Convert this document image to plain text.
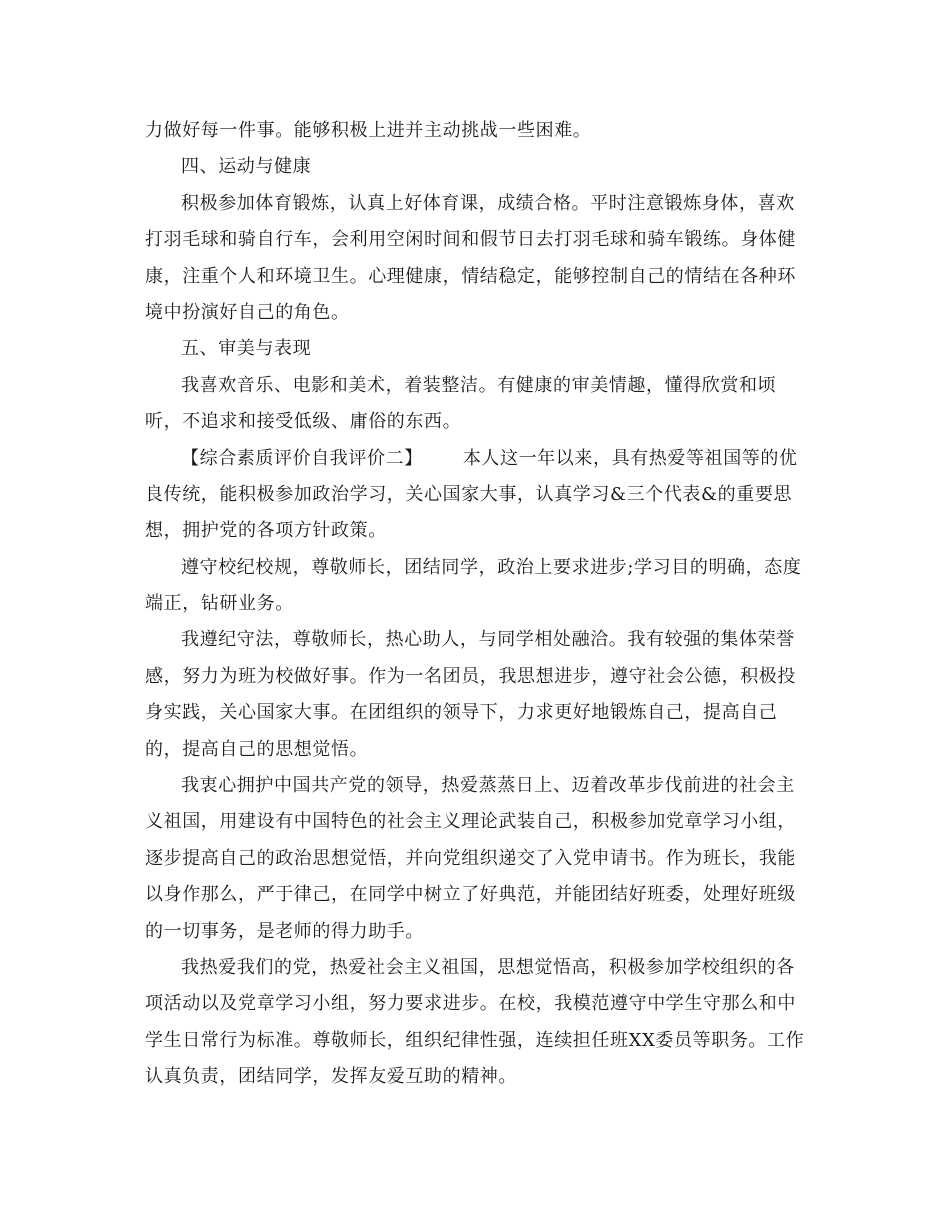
力做好每一件事。能够积极上进并主动挑战一些困难。
四、运动与健康
积极参加体育锻炼，认真上好体育课，成绩合格。平时注意锻炼身体，喜欢
打羽毛球和骑自行车，会利用空闲时间和假节日去打羽毛球和骑车锻练。身体健
康，注重个人和环境卫生。心理健康，情结稳定，能够控制自己的情结在各种环
境中扮演好自己的角色。
五、审美与表现
我喜欢音乐、电影和美术，着装整洁。有健康的审美情趣，懂得欣赏和顷
听，不追求和接受低级、庸俗的东西。
【综合素质评价自我评价二】 本人这一年以来，具有热爱等祖国等的优
良传统，能积极参加政治学习，关心国家大事，认真学习&三个代表&的重要思
想，拥护党的各项方针政策。
遵守校纪校规，尊敬师长，团结同学，政治上要求进步;学习目的明确，态度
端正，钻研业务。
我遵纪守法，尊敬师长，热心助人，与同学相处融洽。我有较强的集体荣誉
感，努力为班为校做好事。作为一名团员，我思想进步，遵守社会公德，积极投
身实践，关心国家大事。在团组织的领导下，力求更好地锻炼自己，提高自己
的，提高自己的思想觉悟。
我衷心拥护中国共产党的领导，热爱蒸蒸日上、迈着改革步伐前进的社会主
义祖国，用建设有中国特色的社会主义理论武装自己，积极参加党章学习小组，
逐步提高自己的政治思想觉悟，并向党组织递交了入党申请书。作为班长，我能
以身作那么，严于律己，在同学中树立了好典范，并能团结好班委，处理好班级
的一切事务，是老师的得力助手。
我热爱我们的党，热爱社会主义祖国，思想觉悟高，积极参加学校组织的各
项活动以及党章学习小组，努力要求进步。在校，我模范遵守中学生守那么和中
学生日常行为标准。尊敬师长，组织纪律性强，连续担任班XX委员等职务。工作
认真负责，团结同学，发挥友爱互助的精神。
